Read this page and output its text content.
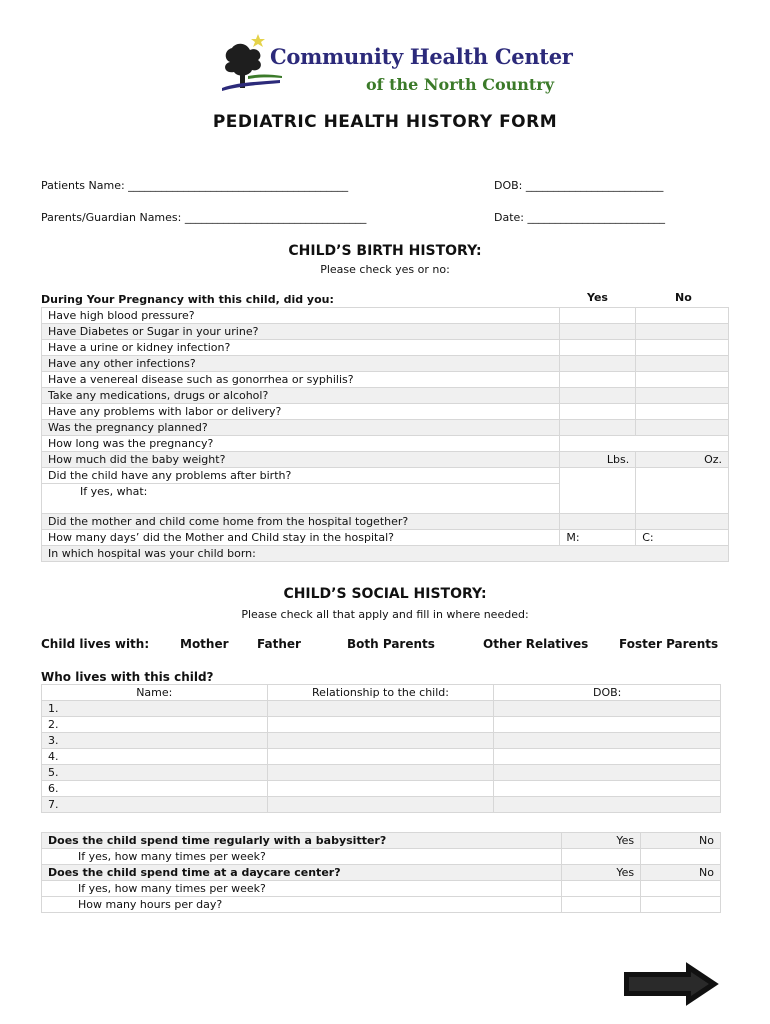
Community Health Center
of the North Country
PEDIATRIC HEALTH HISTORY FORM
Patients Name: ________________________________________	DOB: _________________________
Parents/Guardian Names: _________________________________	Date: _________________________
CHILD’S BIRTH HISTORY:
Please check yes or no:
During Your Pregnancy with this child, did you:	Yes	No
Have high blood pressure?		
Have Diabetes or Sugar in your urine?		
Have a urine or kidney infection?		
Have any other infections?		
Have a venereal disease such as gonorrhea or syphilis?		
Take any medications, drugs or alcohol?		
Have any problems with labor or delivery?		
Was the pregnancy planned?		
How long was the pregnancy?		
How much did the baby weight?	Lbs.	Oz.
Did the child have any problems after birth?		
If yes, what:		
Did the mother and child come home from the hospital together?		
How many days’ did the Mother and Child stay in the hospital?	M:	C:
In which hospital was your child born:		
CHILD’S SOCIAL HISTORY:
Please check all that apply and fill in where needed:
Child lives with:	Mother Father	Both Parents	Other Relatives	Foster Parents
Who lives with this child?
Name:	Relationship to the child:	DOB:
1.		
2.		
3.		
4.		
5.		
6.		
7.		
Does the child spend time regularly with a babysitter?	Yes	No
If yes, how many times per week?		
Does the child spend time at a daycare center?	Yes	No
If yes, how many times per week?		
How many hours per day?		
